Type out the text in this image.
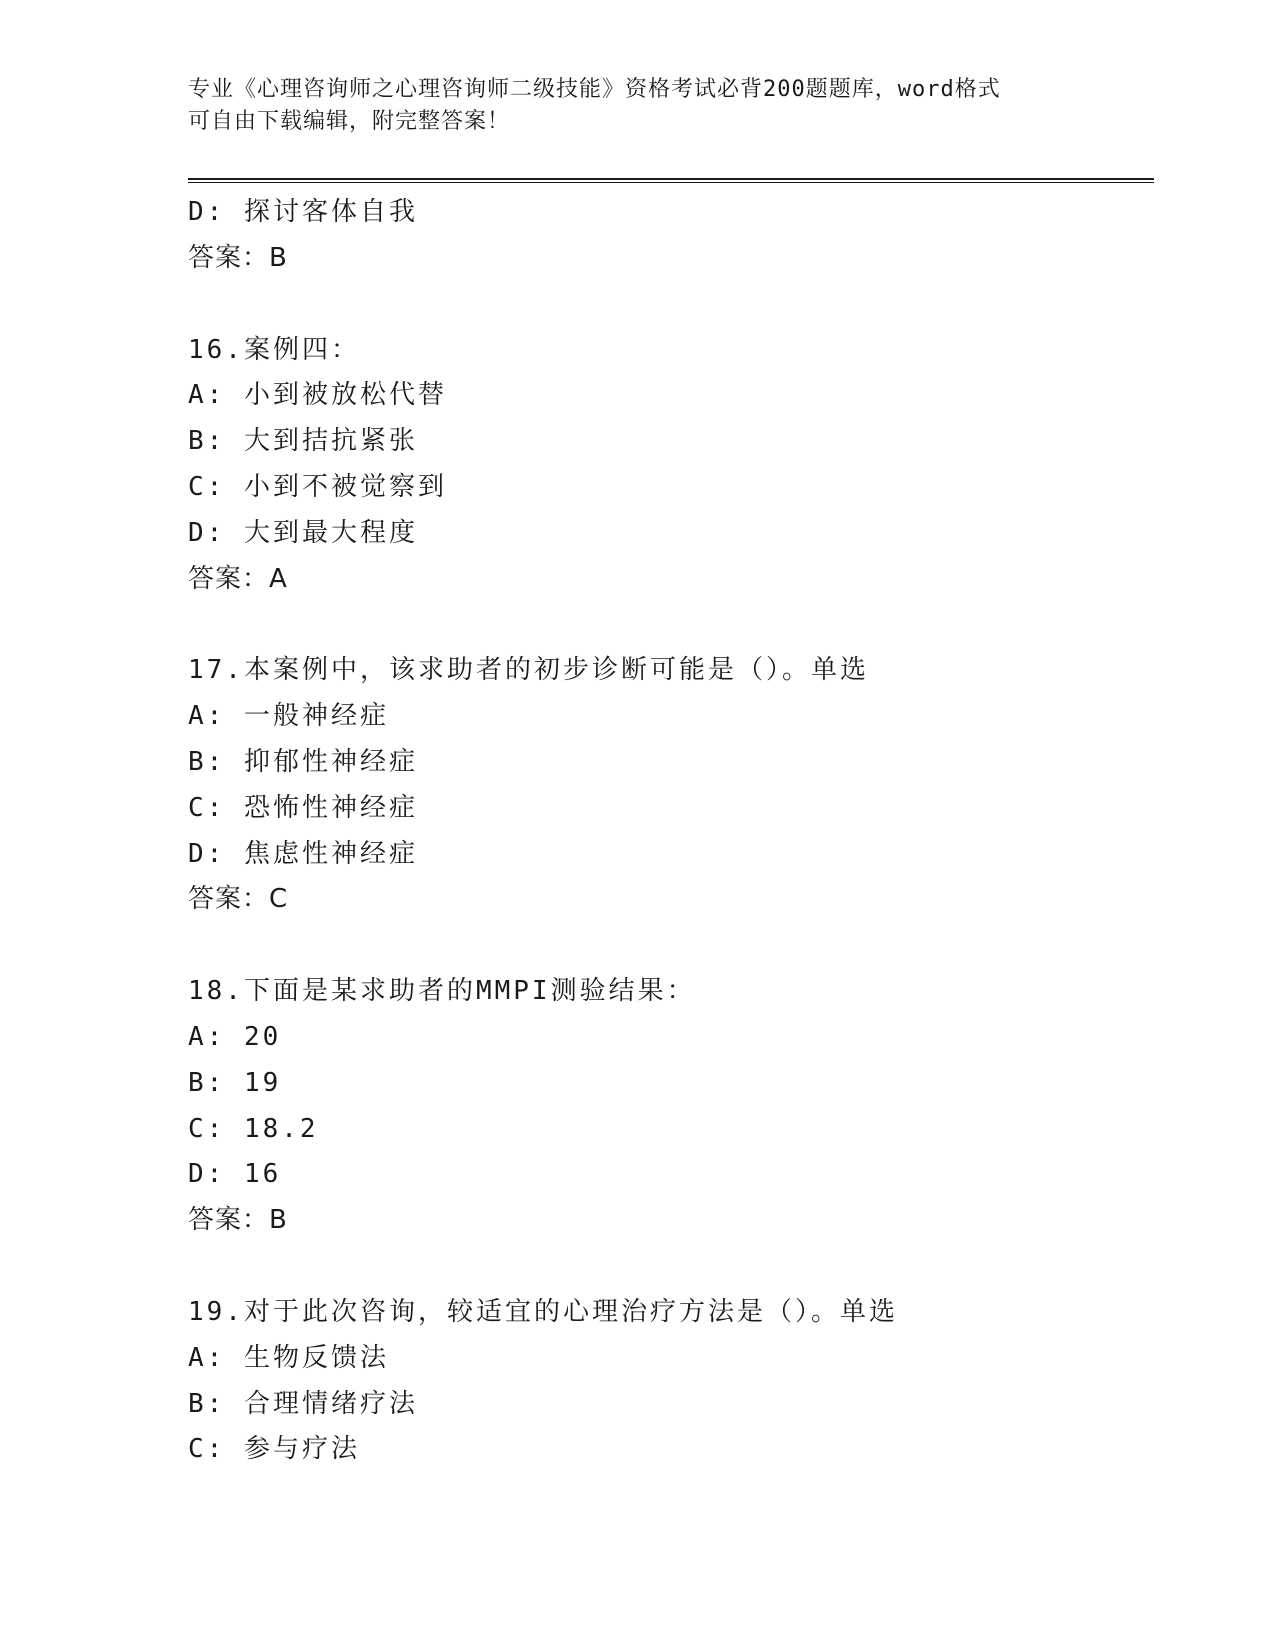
专业《心理咨询师之心理咨询师二级技能》资格考试必背200题题库，word格式
可自由下载编辑，附完整答案！
D: 探讨客体自我
答案：B
16.案例四：
A: 小到被放松代替
B: 大到拮抗紧张
C: 小到不被觉察到
D: 大到最大程度
答案：A
17.本案例中，该求助者的初步诊断可能是（）。单选
A: 一般神经症
B: 抑郁性神经症
C: 恐怖性神经症
D: 焦虑性神经症
答案：C
18.下面是某求助者的MMPI测验结果：
A: 20
B: 19
C: 18.2
D: 16
答案：B
19.对于此次咨询，较适宜的心理治疗方法是（）。单选
A: 生物反馈法
B: 合理情绪疗法
C: 参与疗法
